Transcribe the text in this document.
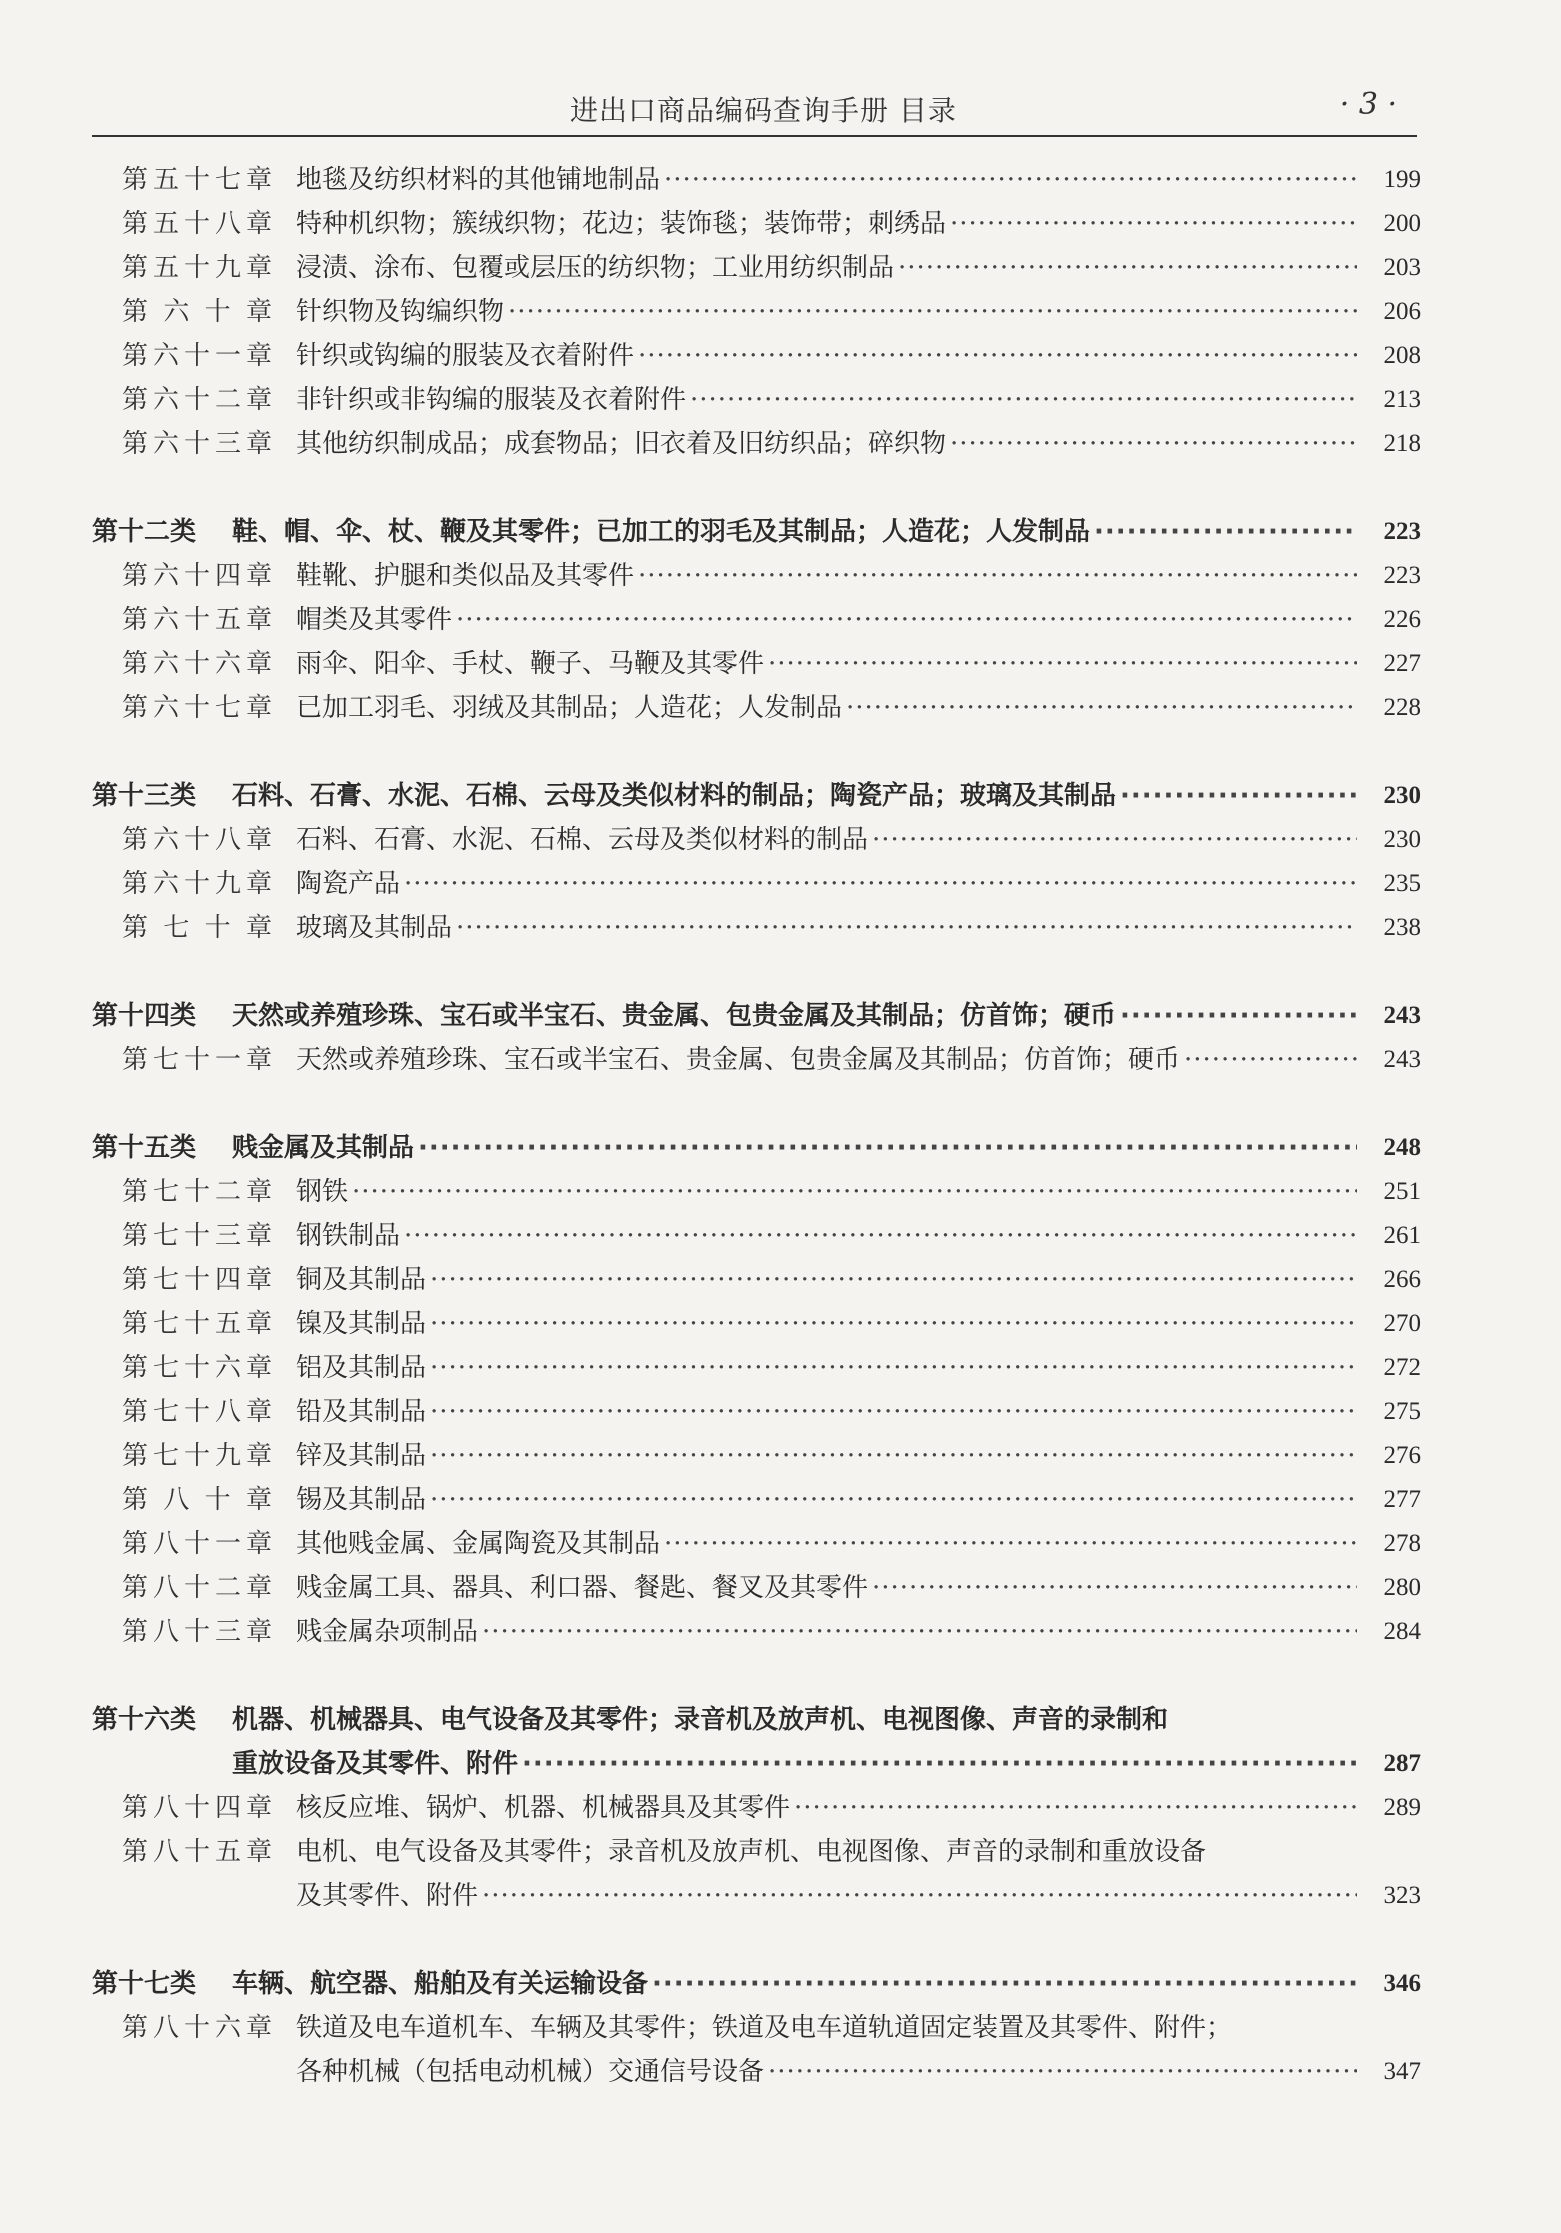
进出口商品编码查询手册 目录	· 3 ·
第五十七章 地毯及纺织材料的其他铺地制品 ·····	199
第五十八章 特种机织物；簇绒织物；花边；装饰毯；装饰带；刺绣品 ·····	200
第五十九章 浸渍、涂布、包覆或层压的纺织物；工业用纺织制品 ·····	203
第 六 十 章 针织物及钩编织物 ·····	206
第六十一章 针织或钩编的服装及衣着附件 ·····	208
第六十二章 非针织或非钩编的服装及衣着附件 ·····	213
第六十三章 其他纺织制成品；成套物品；旧衣着及旧纺织品；碎织物 ·····	218
第十二类	鞋、帽、伞、杖、鞭及其零件；已加工的羽毛及其制品；人造花；人发制品 ·····	223
第六十四章 鞋靴、护腿和类似品及其零件 ·····	223
第六十五章 帽类及其零件 ·····	226
第六十六章 雨伞、阳伞、手杖、鞭子、马鞭及其零件 ·····	227
第六十七章 已加工羽毛、羽绒及其制品；人造花；人发制品 ·····	228
第十三类	石料、石膏、水泥、石棉、云母及类似材料的制品；陶瓷产品；玻璃及其制品 ·····	230
第六十八章 石料、石膏、水泥、石棉、云母及类似材料的制品 ·····	230
第六十九章 陶瓷产品 ·····	235
第 七 十 章 玻璃及其制品 ·····	238
第十四类	天然或养殖珍珠、宝石或半宝石、贵金属、包贵金属及其制品；仿首饰；硬币 ·····	243
第七十一章 天然或养殖珍珠、宝石或半宝石、贵金属、包贵金属及其制品；仿首饰；硬币 ·····	243
第十五类	贱金属及其制品 ·····	248
第七十二章 钢铁 ·····	251
第七十三章 钢铁制品 ·····	261
第七十四章 铜及其制品 ·····	266
第七十五章 镍及其制品 ·····	270
第七十六章 铝及其制品 ·····	272
第七十八章 铅及其制品 ·····	275
第七十九章 锌及其制品 ·····	276
第 八 十 章 锡及其制品 ·····	277
第八十一章 其他贱金属、金属陶瓷及其制品 ·····	278
第八十二章 贱金属工具、器具、利口器、餐匙、餐叉及其零件 ·····	280
第八十三章 贱金属杂项制品 ·····	284
第十六类	机器、机械器具、电气设备及其零件；录音机及放声机、电视图像、声音的录制和
重放设备及其零件、附件 ·····	287
第八十四章 核反应堆、锅炉、机器、机械器具及其零件 ·····	289
第八十五章 电机、电气设备及其零件；录音机及放声机、电视图像、声音的录制和重放设备
及其零件、附件 ·····	323
第十七类	车辆、航空器、船舶及有关运输设备 ·····	346
第八十六章 铁道及电车道机车、车辆及其零件；铁道及电车道轨道固定装置及其零件、附件；
各种机械（包括电动机械）交通信号设备 ·····	347
